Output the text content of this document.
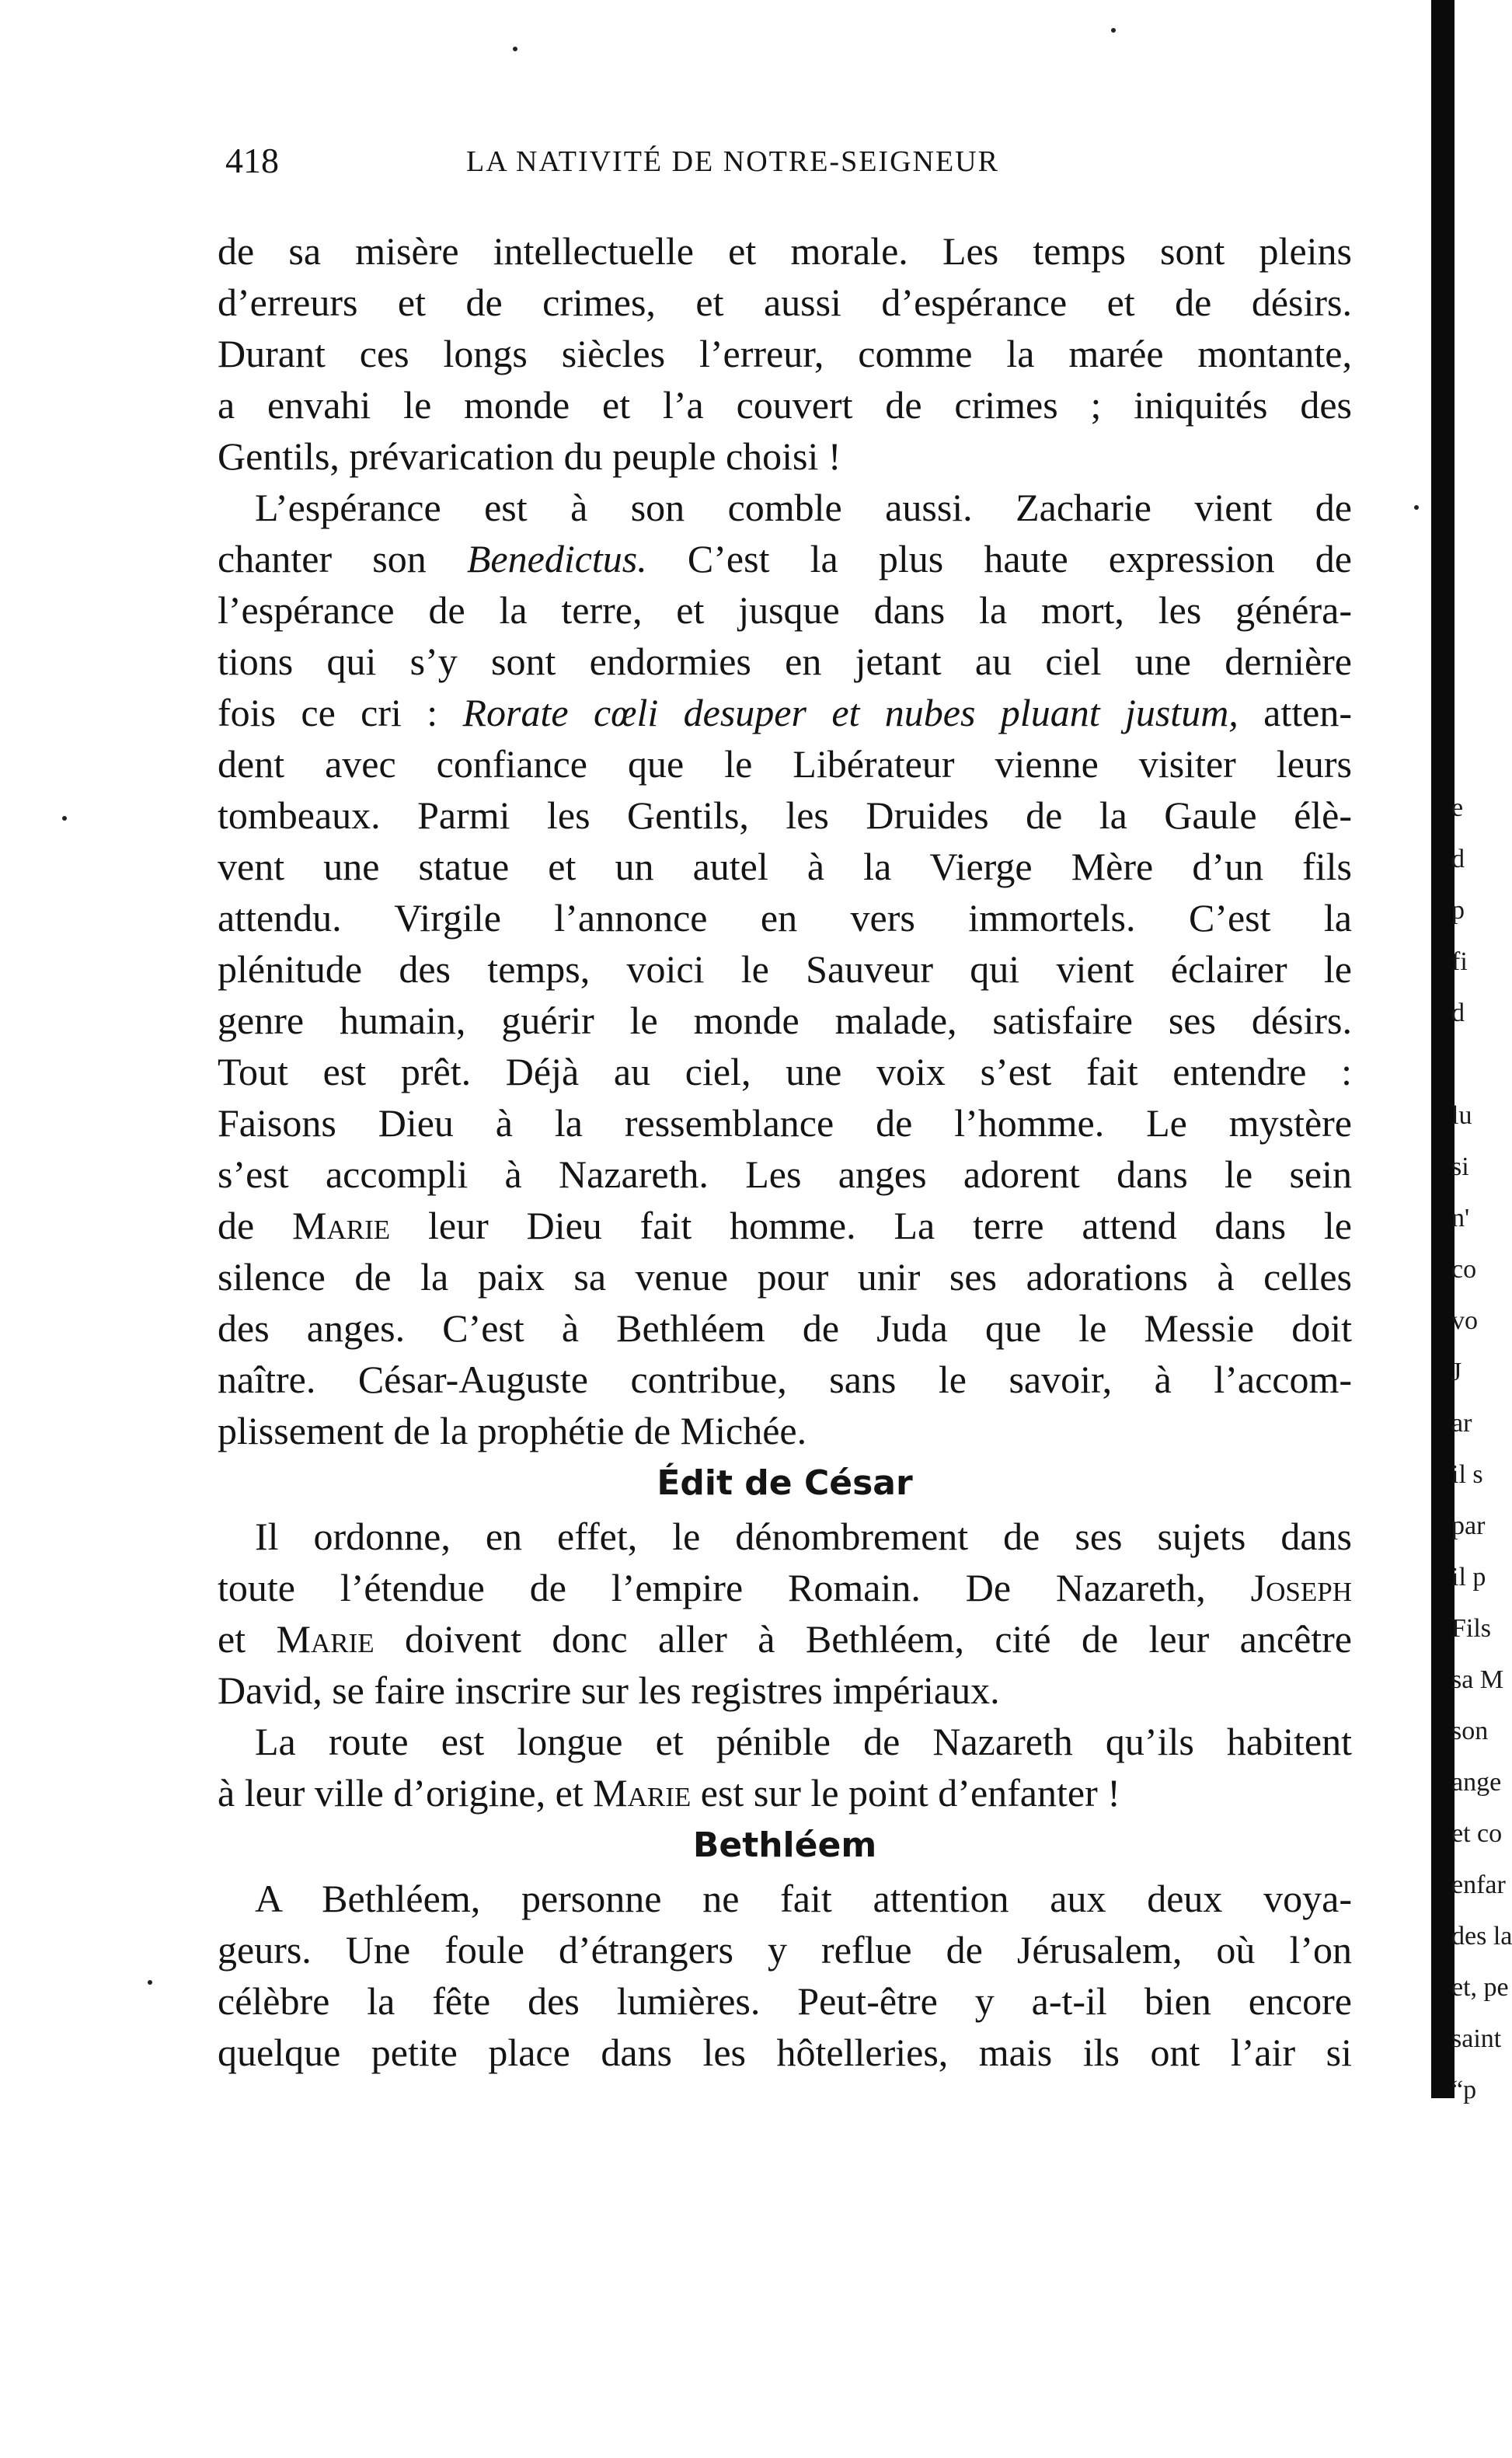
418	LA NATIVITÉ DE NOTRE-SEIGNEUR
de sa misère intellectuelle et morale. Les temps sont pleins
d’erreurs et de crimes, et aussi d’espérance et de désirs.
Durant ces longs siècles l’erreur, comme la marée montante,
a envahi le monde et l’a couvert de crimes ; iniquités des
Gentils, prévarication du peuple choisi !
L’espérance est à son comble aussi. Zacharie vient de
chanter son Benedictus. C’est la plus haute expression de
l’espérance de la terre, et jusque dans la mort, les généra-
tions qui s’y sont endormies en jetant au ciel une dernière
fois ce cri : Rorate cœli desuper et nubes pluant justum, atten-
dent avec confiance que le Libérateur vienne visiter leurs
tombeaux. Parmi les Gentils, les Druides de la Gaule élè-
vent une statue et un autel à la Vierge Mère d’un fils
attendu. Virgile l’annonce en vers immortels. C’est la
plénitude des temps, voici le Sauveur qui vient éclairer le
genre humain, guérir le monde malade, satisfaire ses désirs.
Tout est prêt. Déjà au ciel, une voix s’est fait entendre :
Faisons Dieu à la ressemblance de l’homme. Le mystère
s’est accompli à Nazareth. Les anges adorent dans le sein
de Marie leur Dieu fait homme. La terre attend dans le
silence de la paix sa venue pour unir ses adorations à celles
des anges. C’est à Bethléem de Juda que le Messie doit
naître. César-Auguste contribue, sans le savoir, à l’accom-
plissement de la prophétie de Michée.
Édit de César
Il ordonne, en effet, le dénombrement de ses sujets dans
toute l’étendue de l’empire Romain. De Nazareth, Joseph
et Marie doivent donc aller à Bethléem, cité de leur ancêtre
David, se faire inscrire sur les registres impériaux.
La route est longue et pénible de Nazareth qu’ils habitent
à leur ville d’origine, et Marie est sur le point d’enfanter !
Bethléem
A Bethléem, personne ne fait attention aux deux voya-
geurs. Une foule d’étrangers y reflue de Jérusalem, où l’on
célèbre la fête des lumières. Peut-être y a-t-il bien encore
quelque petite place dans les hôtelleries, mais ils ont l’air si
e
d
p
fi
d
lu
si
n'
co
vo
J
ar
il s
par
il p
Fils
sa M
son
ange
et co
enfar
des la
et, pe
saint
“p
